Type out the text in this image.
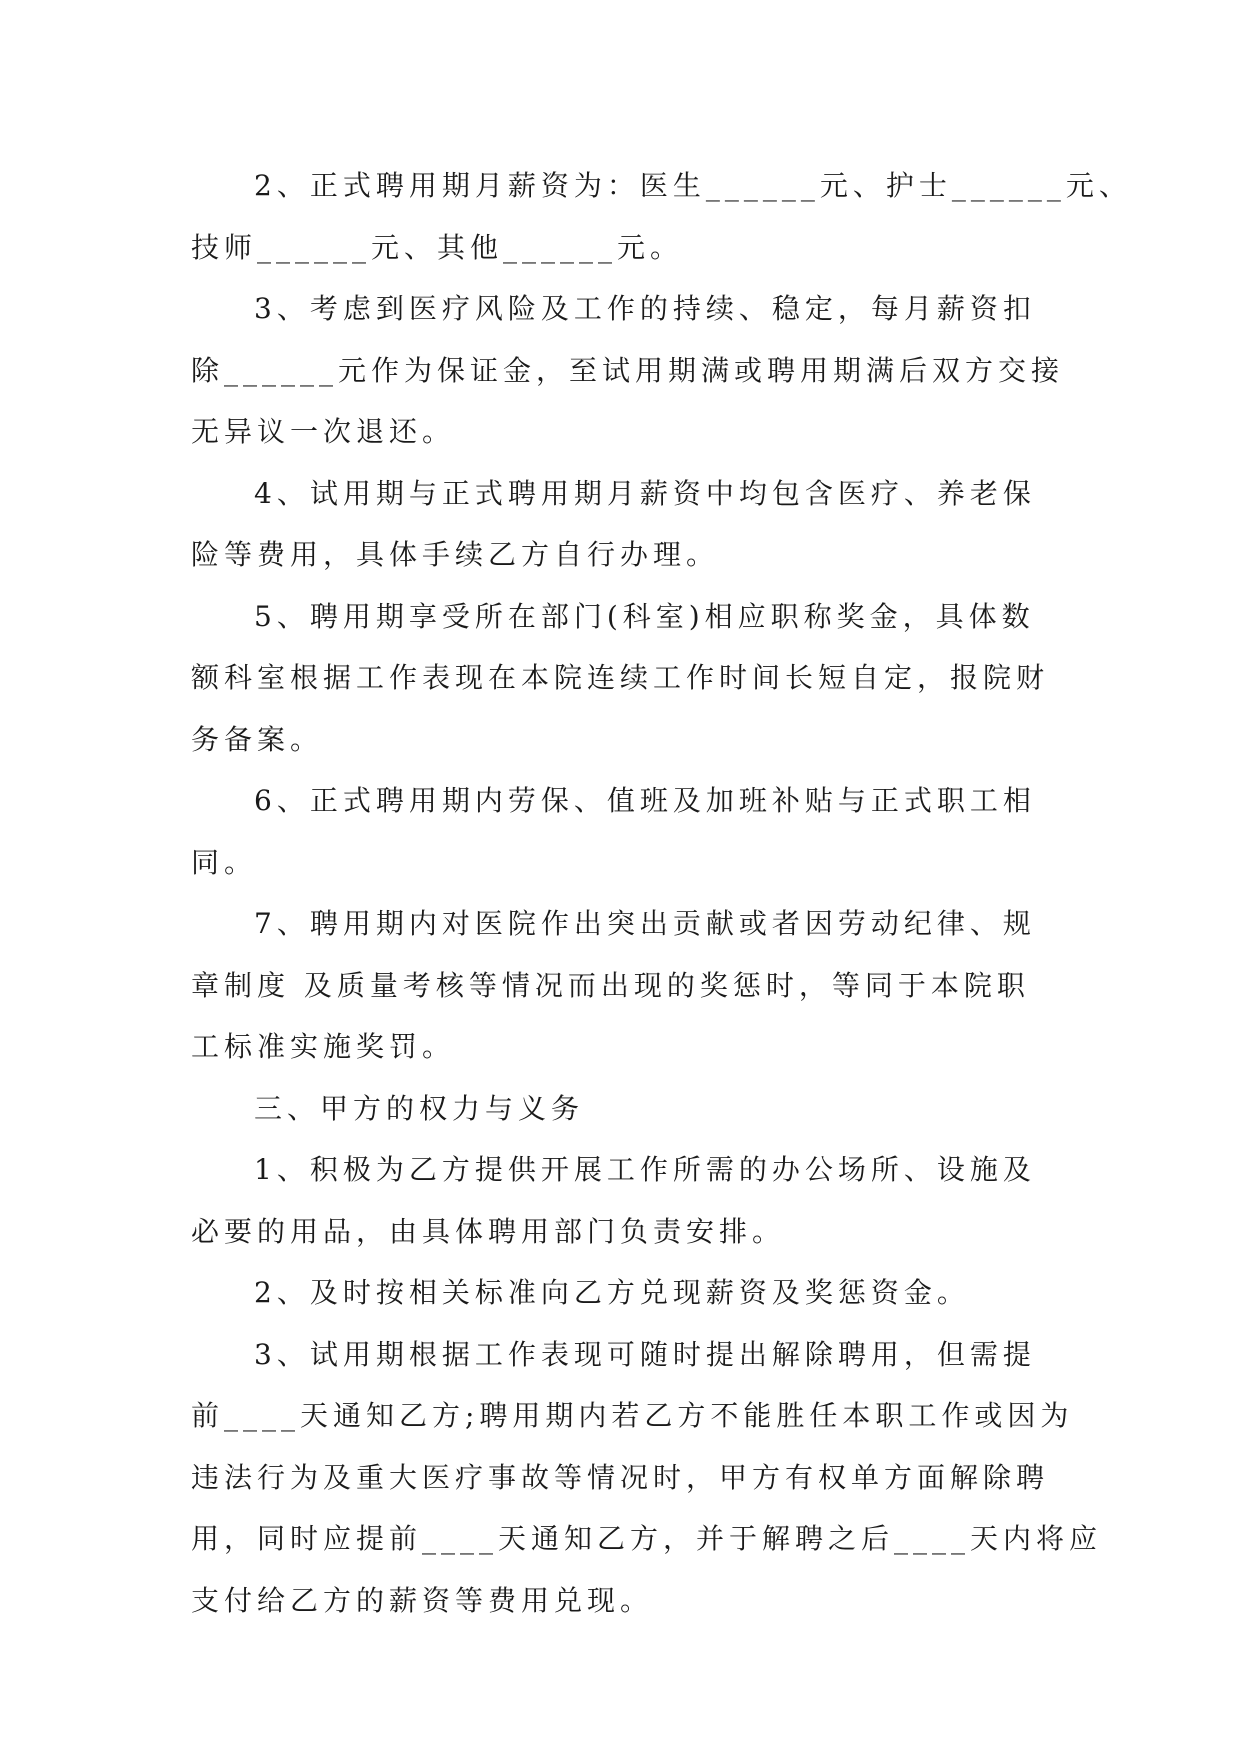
2、正式聘用期月薪资为：医生______元、护士______元、
技师______元、其他______元。
3、考虑到医疗风险及工作的持续、稳定，每月薪资扣
除______元作为保证金，至试用期满或聘用期满后双方交接
无异议一次退还。
4、试用期与正式聘用期月薪资中均包含医疗、养老保
险等费用，具体手续乙方自行办理。
5、聘用期享受所在部门(科室)相应职称奖金，具体数
额科室根据工作表现在本院连续工作时间长短自定，报院财
务备案。
6、正式聘用期内劳保、值班及加班补贴与正式职工相
同。
7、聘用期内对医院作出突出贡献或者因劳动纪律、规
章制度 及质量考核等情况而出现的奖惩时，等同于本院职
工标准实施奖罚。
三、甲方的权力与义务
1、积极为乙方提供开展工作所需的办公场所、设施及
必要的用品，由具体聘用部门负责安排。
2、及时按相关标准向乙方兑现薪资及奖惩资金。
3、试用期根据工作表现可随时提出解除聘用，但需提
前____天通知乙方;聘用期内若乙方不能胜任本职工作或因为
违法行为及重大医疗事故等情况时，甲方有权单方面解除聘
用，同时应提前____天通知乙方，并于解聘之后____天内将应
支付给乙方的薪资等费用兑现。
